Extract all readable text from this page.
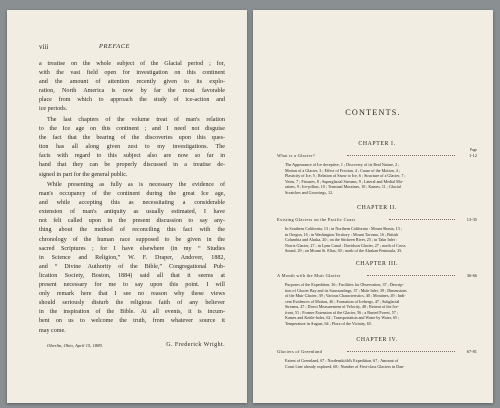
viii	PREFACE
a treatise on the whole subject of the Glacial period ; for,
with the vast field open for investigation on this continent
and the amount of attention recently given to its explo-
ration, North America is now by far the most favorable
place from which to approach the study of ice-action and
ice periods.
The last chapters of the volume treat of man's relation
to the Ice age on this continent ; and I need not disguise
the fact that the bearing of the discoveries upon this ques-
tion has all along given zest to my investigations. The
facts with regard to this subject also are now so far in
hand that they can be properly discussed in a treatise de-
signed in part for the general public.
While presenting as fully as is necessary the evidence of
man's occupancy of the continent during the great Ice age,
and while accepting this as necessitating a considerable
extension of man's antiquity as usually estimated, I have
not felt called upon in the present discussion to say any-
thing about the method of reconciling this fact with the
chronology of the human race supposed to be given in the
sacred Scriptures ; for I have elsewhere (in my “ Studies
in Science and Religion,” W. F. Draper, Andover, 1882,
and “ Divine Authority of the Bible,” Congregational Pub-
lication Society, Boston, 1884) said all that it seems at
present necessary for me to say upon this point. I will
only remark here that I see no reason why these views
should seriously disturb the religious faith of any believer
in the inspiration of the Bible. At all events, it is incum-
bent on us to welcome the truth, from whatever source it
may come.
Oberlin, Ohio, April 15, 1889.	G. Frederick Wright.
CONTENTS.
CHAPTER I.
Page
What is a Glacier?	1-12
The Appearance of Ice deceptive, 1 ; Discovery of its Real Nature, 2 ;
Motion of a Glacier, 3 ; Effect of Friction, 4 ; Cause of the Motion, 4 ;
Plasticity of Ice, 5 ; Relation of Snow to Ice, 6 ; Structure of a Glacier, 7 ;
Veins, 7 ; Fissures, 8 ; Superglacial Streams, 9 ; Lateral and Medial Mo-
raines, 9 ; Ice-pillars, 10 ; Terminal Moraines, 10 ; Kames, 11 ; Glacial
Scratches and Groovings, 12.
CHAPTER II.
Existing Glaciers on the Pacific Coast	13-35
In Southern California, 13 ; in Northern California : Mount Shasta, 13 ;
in Oregon, 16 ; in Washington Territory : Mount Tacoma, 16 ; British
Columbia and Alaska, 20 ; on the Stickeen River, 25 ; in Takn Inlet :
Norris Glacier, 27 ; in Lynn Canal : Davidson Glacier, 27 ; north of Cross
Sound, 29 ; on Mount St. Elias, 30 ; north of the Alaskan Peninsula, 35.
CHAPTER III.
A Month with the Muir Glacier	36-66
Purposes of the Expedition, 36 ; Facilities for Observation, 37 ; Descrip-
tion of Glacier Bay and its Surroundings, 37 ; Mule Inlet, 39 ; Dimensions
of the Muir Glacier, 39 ; Various Characteristics, 40 ; Moraines, 49 ; Indi-
cent Evidences of Motion, 46 ; Formation of Icebergs, 47 ; Subglacial
Streams, 47 ; Direct Measurement of Velocity, 48 ; Retreat of the Ice-
front, 51 ; Former Extension of the Glacier, 56 ; a Buried Forest, 57 ;
Kames and Kettle-holes, 62 ; Transportation and Waste by Water, 65 ;
Temperature in August, 64 ; Flora of the Vicinity, 65.
CHAPTER IV.
Glaciers of Greenland	67-81
Extent of Greenland, 67 ; Nordenskiöld's Expedition, 67 ; Amount of
Coast Line already explored, 68 ; Number of First-class Glaciers in Dan-
